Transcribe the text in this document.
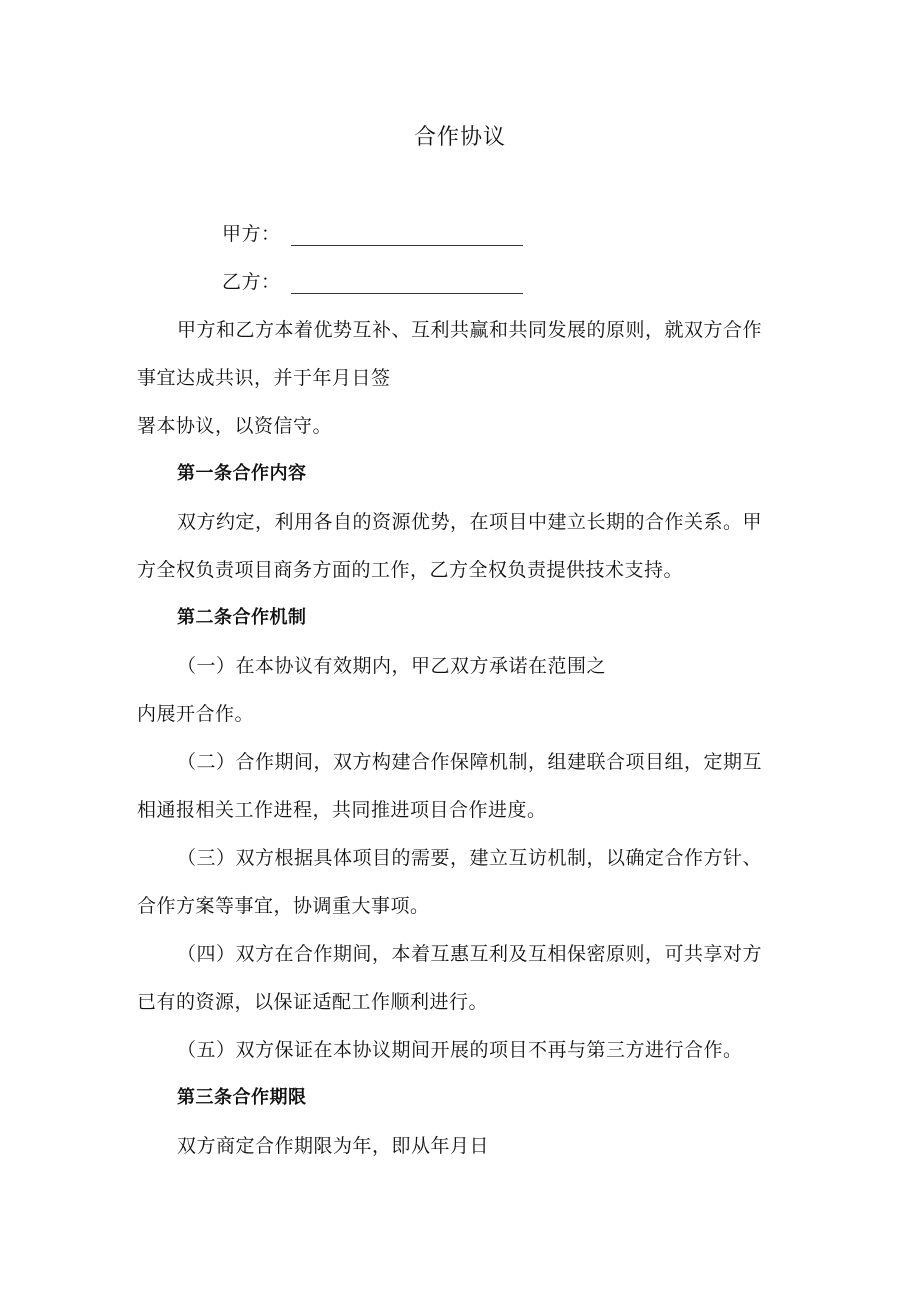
合作协议
甲方：
乙方：
甲方和乙方本着优势互补、互利共赢和共同发展的原则，就双方合作
事宜达成共识，并于年月日签
署本协议，以资信守。
第一条合作内容
双方约定，利用各自的资源优势，在项目中建立长期的合作关系。甲
方全权负责项目商务方面的工作，乙方全权负责提供技术支持。
第二条合作机制
（一）在本协议有效期内，甲乙双方承诺在范围之
内展开合作。
（二）合作期间，双方构建合作保障机制，组建联合项目组，定期互
相通报相关工作进程，共同推进项目合作进度。
（三）双方根据具体项目的需要，建立互访机制，以确定合作方针、
合作方案等事宜，协调重大事项。
（四）双方在合作期间，本着互惠互利及互相保密原则，可共享对方
已有的资源，以保证适配工作顺利进行。
（五）双方保证在本协议期间开展的项目不再与第三方进行合作。
第三条合作期限
双方商定合作期限为年，即从年月日
